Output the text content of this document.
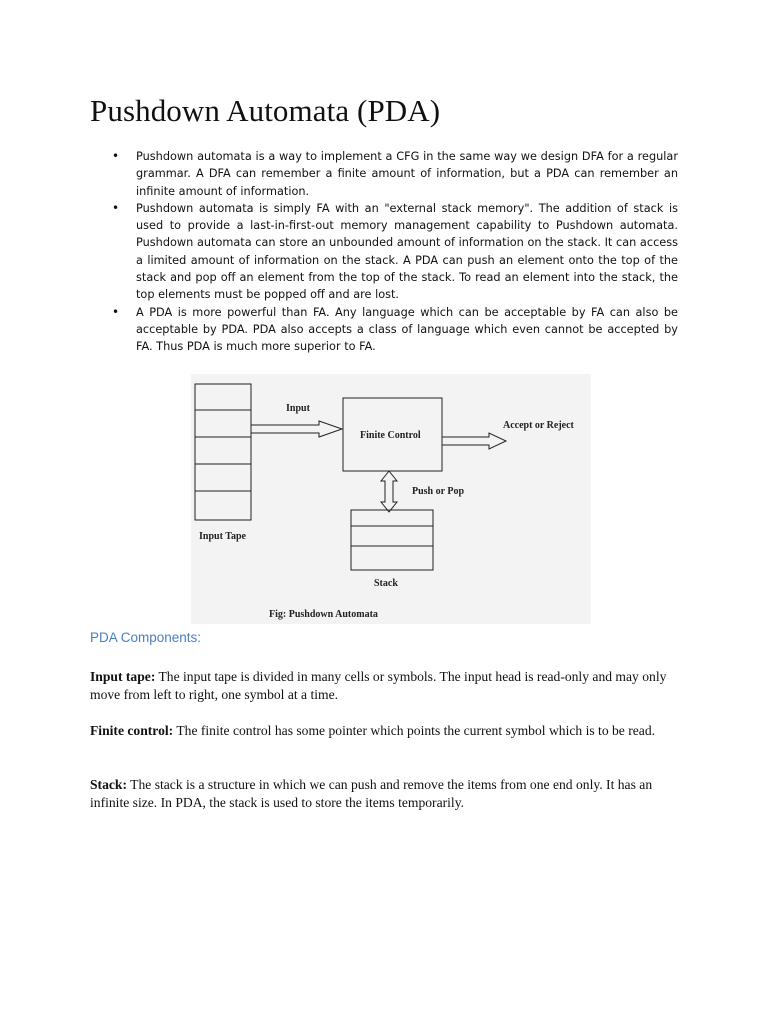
Pushdown Automata (PDA)
• Pushdown automata is a way to implement a CFG in the same way we design DFA for a regular grammar. A DFA can remember a finite amount of information, but a PDA can remember an infinite amount of information.
• Pushdown automata is simply FA with an "external stack memory". The addition of stack is used to provide a last-in-first-out memory management capability to Pushdown automata. Pushdown automata can store an unbounded amount of information on the stack. It can access a limited amount of information on the stack. A PDA can push an element onto the top of the stack and pop off an element from the top of the stack. To read an element into the stack, the top elements must be popped off and are lost.
• A PDA is more powerful than FA. Any language which can be acceptable by FA can also be acceptable by PDA. PDA also accepts a class of language which even cannot be accepted by FA. Thus PDA is much more superior to FA.
Input
Finite Control
Accept or Reject
Push or Pop
Input Tape
Stack
Fig: Pushdown Automata
PDA Components:

Input tape: The input tape is divided in many cells or symbols. The input head is read-only and may only move from left to right, one symbol at a time.

Finite control: The finite control has some pointer which points the current symbol which is to be read.

Stack: The stack is a structure in which we can push and remove the items from one end only. It has an infinite size. In PDA, the stack is used to store the items temporarily.
